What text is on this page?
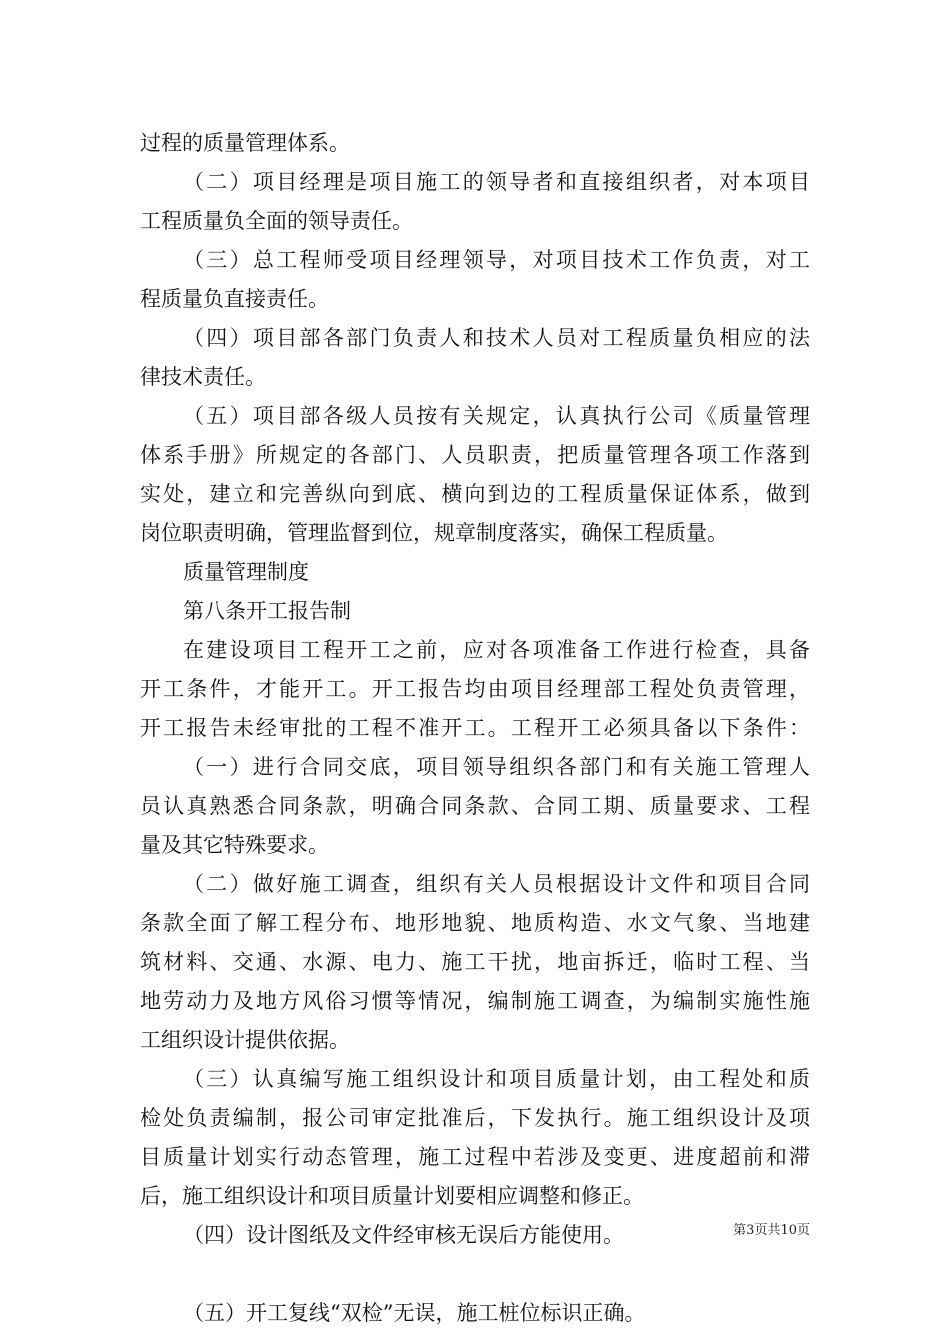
过程的质量管理体系。
（二）项目经理是项目施工的领导者和直接组织者，对本项目
工程质量负全面的领导责任。
（三）总工程师受项目经理领导，对项目技术工作负责，对工
程质量负直接责任。
（四）项目部各部门负责人和技术人员对工程质量负相应的法
律技术责任。
（五）项目部各级人员按有关规定，认真执行公司《质量管理
体系手册》所规定的各部门、人员职责，把质量管理各项工作落到
实处，建立和完善纵向到底、横向到边的工程质量保证体系，做到
岗位职责明确，管理监督到位，规章制度落实，确保工程质量。
质量管理制度
第八条开工报告制
在建设项目工程开工之前，应对各项准备工作进行检查，具备
开工条件，才能开工。开工报告均由项目经理部工程处负责管理，
开工报告未经审批的工程不准开工。工程开工必须具备以下条件：
（一）进行合同交底，项目领导组织各部门和有关施工管理人
员认真熟悉合同条款，明确合同条款、合同工期、质量要求、工程
量及其它特殊要求。
（二）做好施工调查，组织有关人员根据设计文件和项目合同
条款全面了解工程分布、地形地貌、地质构造、水文气象、当地建
筑材料、交通、水源、电力、施工干扰，地亩拆迁，临时工程、当
地劳动力及地方风俗习惯等情况，编制施工调查，为编制实施性施
工组织设计提供依据。
（三）认真编写施工组织设计和项目质量计划，由工程处和质
检处负责编制，报公司审定批准后，下发执行。施工组织设计及项
目质量计划实行动态管理，施工过程中若涉及变更、进度超前和滞
后，施工组织设计和项目质量计划要相应调整和修正。
（四）设计图纸及文件经审核无误后方能使用。
（五）开工复线“双检”无误，施工桩位标识正确。
第3页共10页
